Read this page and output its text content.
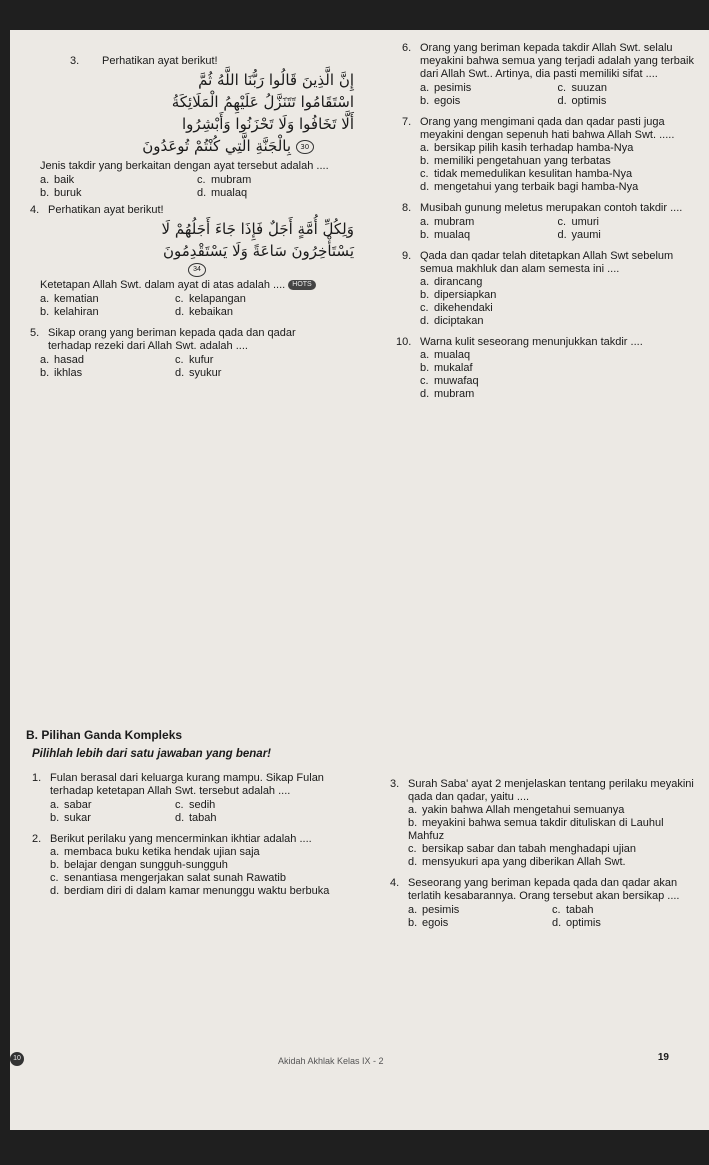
3. Perhatikan ayat berikut!

إِنَّ الَّذِينَ قَالُوا رَبُّنَا اللَّهُ ثُمَّ
اسْتَقَامُوا تَتَنَزَّلُ عَلَيْهِمُ الْمَلَائِكَةُ
أَلَّا تَخَافُوا وَلَا تَحْزَنُوا وَأَبْشِرُوا
30 بِالْجَنَّةِ الَّتِي كُنْتُمْ تُوعَدُونَ

Jenis takdir yang berkaitan dengan ayat tersebut adalah ....

a. baik	c. mubram
b. buruk	d. mualaq
4. Perhatikan ayat berikut!

وَلِكُلِّ أُمَّةٍ أَجَلٌ فَإِذَا جَاءَ أَجَلُهُمْ لَا
يَسْتَأْخِرُونَ سَاعَةً وَلَا يَسْتَقْدِمُونَ
34

Ketetapan Allah Swt. dalam ayat di atas adalah .... HOTS

a. kematian	c. kelapangan
b. kelahiran	d. kebaikan
5. Sikap orang yang beriman kepada qada dan qadar terhadap rezeki dari Allah Swt. adalah ....

a. hasad	c. kufur
b. ikhlas	d. syukur
6. Orang yang beriman kepada takdir Allah Swt. selalu meyakini bahwa semua yang terjadi adalah yang terbaik dari Allah Swt.. Artinya, dia pasti memiliki sifat ....

a. pesimis	c. suuzan
b. egois	d. optimis
7. Orang yang mengimani qada dan qadar pasti juga meyakini dengan sepenuh hati bahwa Allah Swt. .....

a. bersikap pilih kasih terhadap hamba-Nya
b. memiliki pengetahuan yang terbatas
c. tidak memedulikan kesulitan hamba-Nya
d. mengetahui yang terbaik bagi hamba-Nya
8. Musibah gunung meletus merupakan contoh takdir ....

a. mubram	c. umuri
b. mualaq	d. yaumi
9. Qada dan qadar telah ditetapkan Allah Swt sebelum semua makhluk dan alam semesta ini ....

a. dirancang
b. dipersiapkan
c. dikehendaki
d. diciptakan
10. Warna kulit seseorang menunjukkan takdir ....

a. mualaq
b. mukalaf
c. muwafaq
d. mubram
B. Pilihan Ganda Kompleks
Pilihlah lebih dari satu jawaban yang benar!
1. Fulan berasal dari keluarga kurang mampu. Sikap Fulan terhadap ketetapan Allah Swt. tersebut adalah ....

a. sabar	c. sedih
b. sukar	d. tabah
2. Berikut perilaku yang mencerminkan ikhtiar adalah ....

a. membaca buku ketika hendak ujian saja
b. belajar dengan sungguh-sungguh
c. senantiasa mengerjakan salat sunah Rawatib
d. berdiam diri di dalam kamar menunggu waktu berbuka
3. Surah Saba' ayat 2 menjelaskan tentang perilaku meyakini qada dan qadar, yaitu ....

a. yakin bahwa Allah mengetahui semuanya
b. meyakini bahwa semua takdir dituliskan di Lauhul Mahfuz
c. bersikap sabar dan tabah menghadapi ujian
d. mensyukuri apa yang diberikan Allah Swt.
4. Seseorang yang beriman kepada qada dan qadar akan terlatih kesabarannya. Orang tersebut akan bersikap ....

a. pesimis	c. tabah
b. egois	d. optimis
10	Akidah Akhlak Kelas IX - 2	19
